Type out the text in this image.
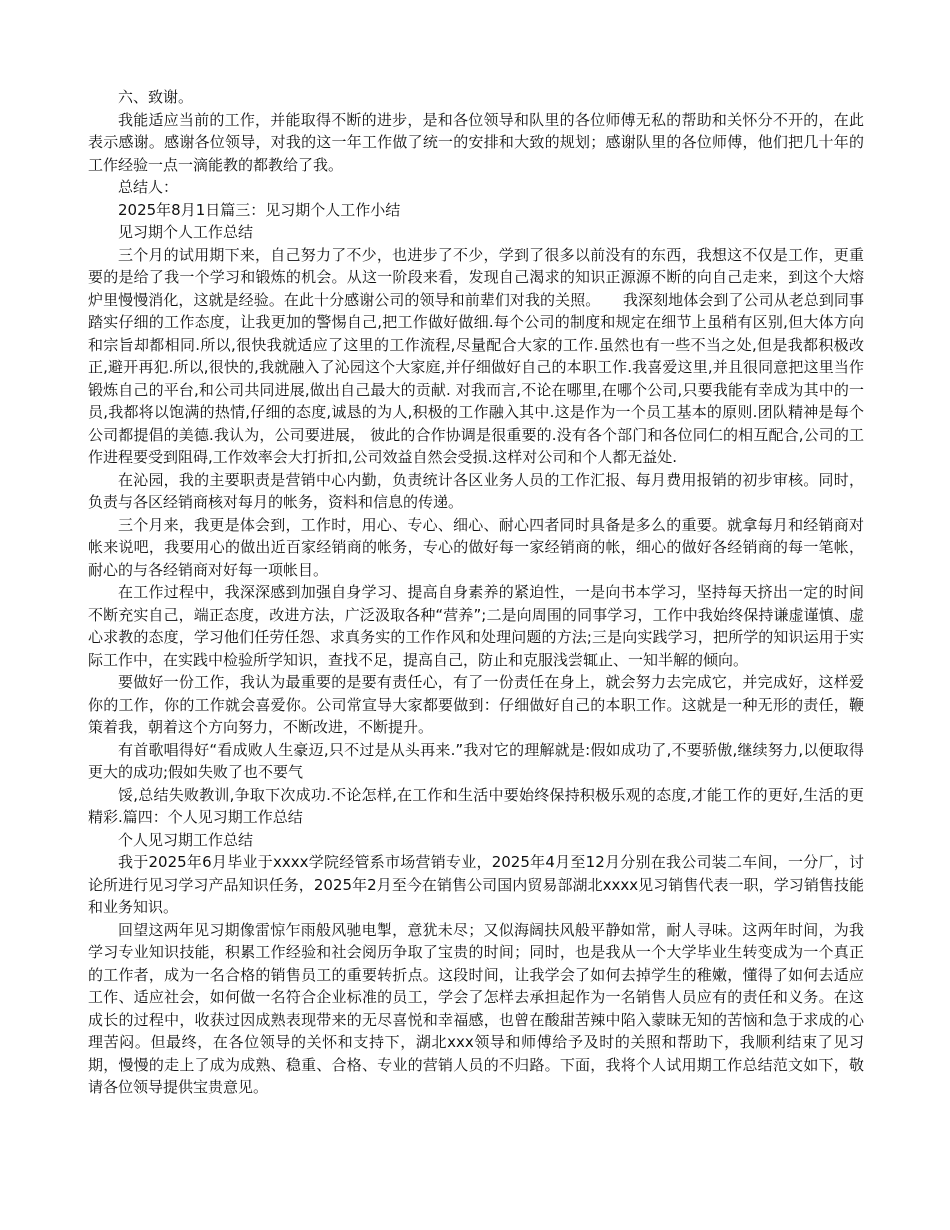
六、致谢。

我能适应当前的工作，并能取得不断的进步，是和各位领导和队里的各位师傅无私的帮助和关怀分不开的，在此表示感谢。感谢各位领导，对我的这一年工作做了统一的安排和大致的规划；感谢队里的各位师傅，他们把几十年的工作经验一点一滴能教的都教给了我。

总结人：

2025年8月1日篇三：见习期个人工作小结

见习期个人工作总结

三个月的试用期下来，自己努力了不少，也进步了不少，学到了很多以前没有的东西，我想这不仅是工作，更重要的是给了我一个学习和锻炼的机会。从这一阶段来看，发现自己渴求的知识正源源不断的向自己走来，到这个大熔炉里慢慢消化，这就是经验。在此十分感谢公司的领导和前辈们对我的关照。　　我深刻地体会到了公司从老总到同事踏实仔细的工作态度，让我更加的警惕自己,把工作做好做细.每个公司的制度和规定在细节上虽稍有区别,但大体方向和宗旨却都相同.所以,很快我就适应了这里的工作流程,尽量配合大家的工作.虽然也有一些不当之处,但是我都积极改正,避开再犯.所以,很快的,我就融入了沁园这个大家庭,并仔细做好自己的本职工作.我喜爱这里,并且很同意把这里当作锻炼自己的平台,和公司共同进展,做出自己最大的贡献. 对我而言,不论在哪里,在哪个公司,只要我能有幸成为其中的一员,我都将以饱满的热情,仔细的态度,诚恳的为人,积极的工作融入其中.这是作为一个员工基本的原则.团队精神是每个公司都提倡的美德.我认为，公司要进展， 彼此的合作协调是很重要的.没有各个部门和各位同仁的相互配合,公司的工作进程要受到阻碍,工作效率会大打折扣,公司效益自然会受损.这样对公司和个人都无益处.

在沁园，我的主要职责是营销中心内勤，负责统计各区业务人员的工作汇报、每月费用报销的初步审核。同时，负责与各区经销商核对每月的帐务，资料和信息的传递。

三个月来，我更是体会到，工作时，用心、专心、细心、耐心四者同时具备是多么的重要。就拿每月和经销商对帐来说吧，我要用心的做出近百家经销商的帐务，专心的做好每一家经销商的帐，细心的做好各经销商的每一笔帐，耐心的与各经销商对好每一项帐目。

在工作过程中，我深深感到加强自身学习、提高自身素养的紧迫性，一是向书本学习，坚持每天挤出一定的时间不断充实自己，端正态度，改进方法，广泛汲取各种“营养”;二是向周围的同事学习，工作中我始终保持谦虚谨慎、虚心求教的态度，学习他们任劳任怨、求真务实的工作作风和处理问题的方法;三是向实践学习，把所学的知识运用于实际工作中，在实践中检验所学知识，查找不足，提高自己，防止和克服浅尝辄止、一知半解的倾向。

要做好一份工作，我认为最重要的是要有责任心，有了一份责任在身上，就会努力去完成它，并完成好，这样爱你的工作，你的工作就会喜爱你。公司常宣导大家都要做到：仔细做好自己的本职工作。这就是一种无形的责任，鞭策着我，朝着这个方向努力，不断改进，不断提升。

有首歌唱得好“看成败人生豪迈,只不过是从头再来.”我对它的理解就是:假如成功了,不要骄傲,继续努力,以便取得更大的成功;假如失败了也不要气

馁,总结失败教训,争取下次成功.不论怎样,在工作和生活中要始终保持积极乐观的态度,才能工作的更好,生活的更精彩.篇四：个人见习期工作总结

个人见习期工作总结

我于2025年6月毕业于xxxx学院经管系市场营销专业，2025年4月至12月分别在我公司装二车间，一分厂，讨论所进行见习学习产品知识任务，2025年2月至今在销售公司国内贸易部湖北xxxx见习销售代表一职，学习销售技能和业务知识。

回望这两年见习期像雷惊乍雨般风驰电掣，意犹未尽；又似海阔扶风般平静如常，耐人寻味。这两年时间，为我学习专业知识技能，积累工作经验和社会阅历争取了宝贵的时间；同时，也是我从一个大学毕业生转变成为一个真正的工作者，成为一名合格的销售员工的重要转折点。这段时间，让我学会了如何去掉学生的稚嫩，懂得了如何去适应工作、适应社会，如何做一名符合企业标准的员工，学会了怎样去承担起作为一名销售人员应有的责任和义务。在这成长的过程中，收获过因成熟表现带来的无尽喜悦和幸福感，也曾在酸甜苦辣中陷入蒙昧无知的苦恼和急于求成的心理苦闷。但最终，在各位领导的关怀和支持下，湖北xxx领导和师傅给予及时的关照和帮助下，我顺利结束了见习期，慢慢的走上了成为成熟、稳重、合格、专业的营销人员的不归路。下面，我将个人试用期工作总结范文如下，敬请各位领导提供宝贵意见。
